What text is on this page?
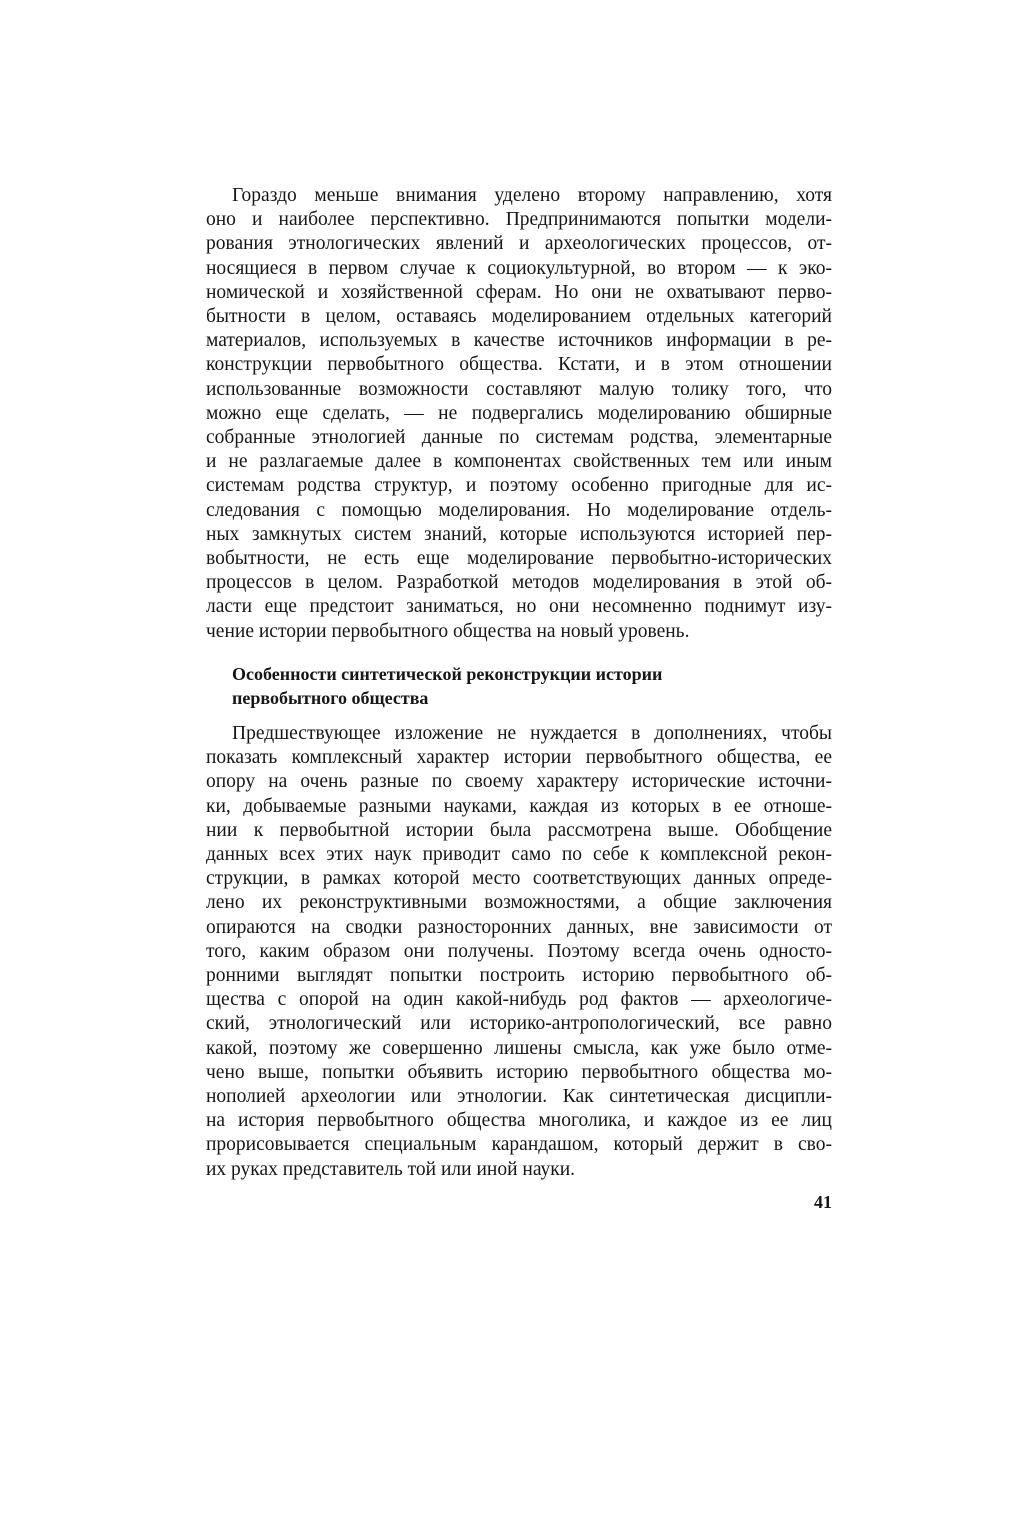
Гораздо меньше внимания уделено второму направлению, хотя
оно и наиболее перспективно. Предпринимаются попытки модели-
рования этнологических явлений и археологических процессов, от-
носящиеся в первом случае к социокультурной, во втором — к эко-
номической и хозяйственной сферам. Но они не охватывают перво-
бытности в целом, оставаясь моделированием отдельных категорий
материалов, используемых в качестве источников информации в ре-
конструкции первобытного общества. Кстати, и в этом отношении
использованные возможности составляют малую толику того, что
можно еще сделать, — не подвергались моделированию обширные
собранные этнологией данные по системам родства, элементарные
и не разлагаемые далее в компонентах свойственных тем или иным
системам родства структур, и поэтому особенно пригодные для ис-
следования с помощью моделирования. Но моделирование отдель-
ных замкнутых систем знаний, которые используются историей пер-
вобытности, не есть еще моделирование первобытно-исторических
процессов в целом. Разработкой методов моделирования в этой об-
ласти еще предстоит заниматься, но они несомненно поднимут изу-
чение истории первобытного общества на новый уровень.
Особенности синтетической реконструкции истории
первобытного общества
Предшествующее изложение не нуждается в дополнениях, чтобы
показать комплексный характер истории первобытного общества, ее
опору на очень разные по своему характеру исторические источни-
ки, добываемые разными науками, каждая из которых в ее отноше-
нии к первобытной истории была рассмотрена выше. Обобщение
данных всех этих наук приводит само по себе к комплексной рекон-
струкции, в рамках которой место соответствующих данных опреде-
лено их реконструктивными возможностями, а общие заключения
опираются на сводки разносторонних данных, вне зависимости от
того, каким образом они получены. Поэтому всегда очень односто-
ронними выглядят попытки построить историю первобытного об-
щества с опорой на один какой-нибудь род фактов — археологиче-
ский, этнологический или историко-антропологический, все равно
какой, поэтому же совершенно лишены смысла, как уже было отме-
чено выше, попытки объявить историю первобытного общества мо-
нополией археологии или этнологии. Как синтетическая дисципли-
на история первобытного общества многолика, и каждое из ее лиц
прорисовывается специальным карандашом, который держит в сво-
их руках представитель той или иной науки.
41
